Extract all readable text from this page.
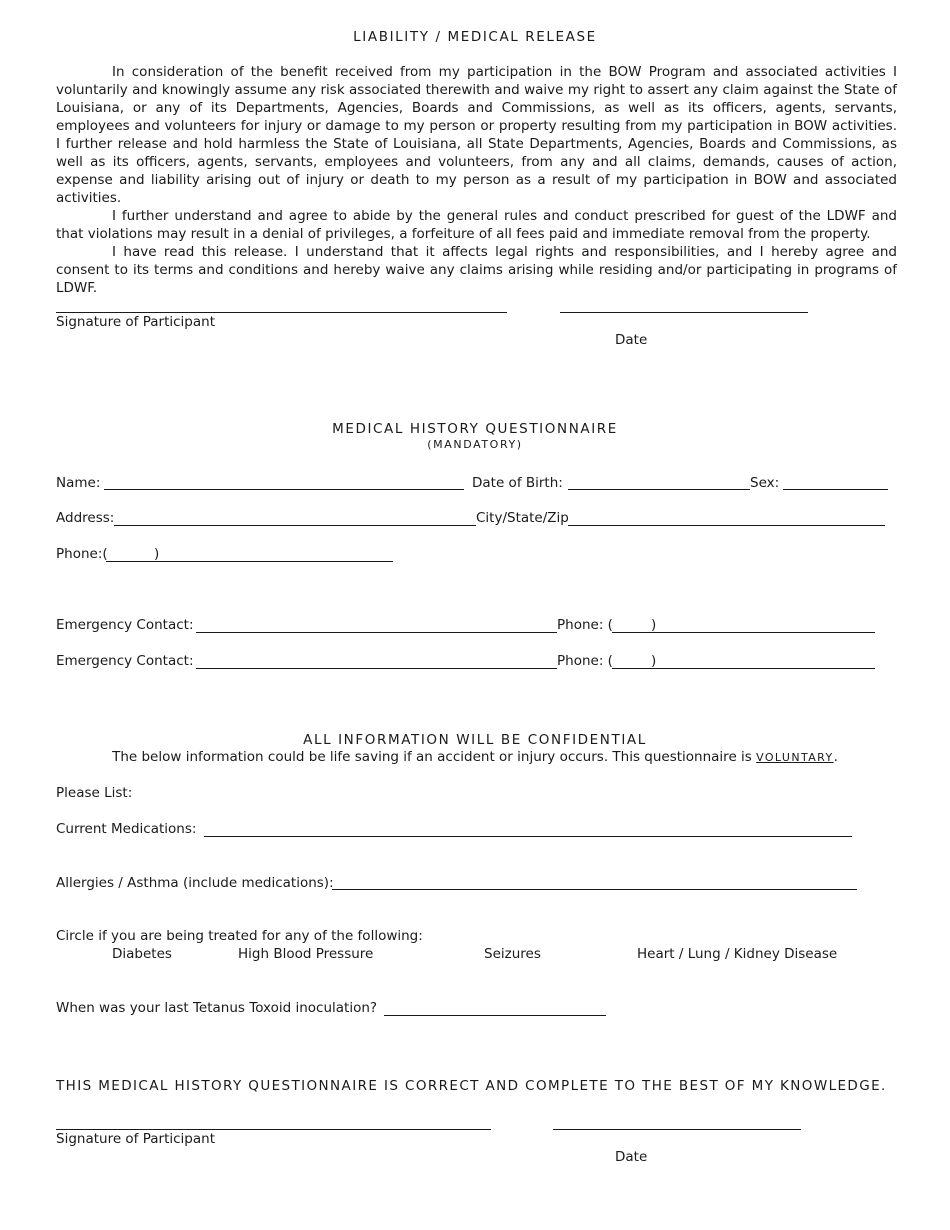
LIABILITY / MEDICAL RELEASE

In consideration of the benefit received from my participation in the BOW Program and associated activities I voluntarily and knowingly assume any risk associated therewith and waive my right to assert any claim against the State of Louisiana, or any of its Departments, Agencies, Boards and Commissions, as well as its officers, agents, servants, employees and volunteers for injury or damage to my person or property resulting from my participation in BOW activities. I further release and hold harmless the State of Louisiana, all State Departments, Agencies, Boards and Commissions, as well as its officers, agents, servants, employees and volunteers, from any and all claims, demands, causes of action, expense and liability arising out of injury or death to my person as a result of my participation in BOW and associated activities.

I further understand and agree to abide by the general rules and conduct prescribed for guest of the LDWF and that violations may result in a denial of privileges, a forfeiture of all fees paid and immediate removal from the property.

I have read this release. I understand that it affects legal rights and responsibilities, and I hereby agree and consent to its terms and conditions and hereby waive any claims arising while residing and/or participating in programs of LDWF.

Signature of Participant
Date
MEDICAL HISTORY QUESTIONNAIRE
(MANDATORY)
Name:	Date of Birth:	Sex:
Address:	City/State/Zip
Phone:(	)
Emergency Contact:	Phone: (	)
Emergency Contact:	Phone: (	)
ALL INFORMATION WILL BE CONFIDENTIAL
The below information could be life saving if an accident or injury occurs. This questionnaire is VOLUNTARY.
Please List:
Current Medications:
Allergies / Asthma (include medications):
Circle if you are being treated for any of the following:
Diabetes	High Blood Pressure	Seizures	Heart / Lung / Kidney Disease
When was your last Tetanus Toxoid inoculation?
THIS MEDICAL HISTORY QUESTIONNAIRE IS CORRECT AND COMPLETE TO THE BEST OF MY KNOWLEDGE.
Signature of Participant
Date
